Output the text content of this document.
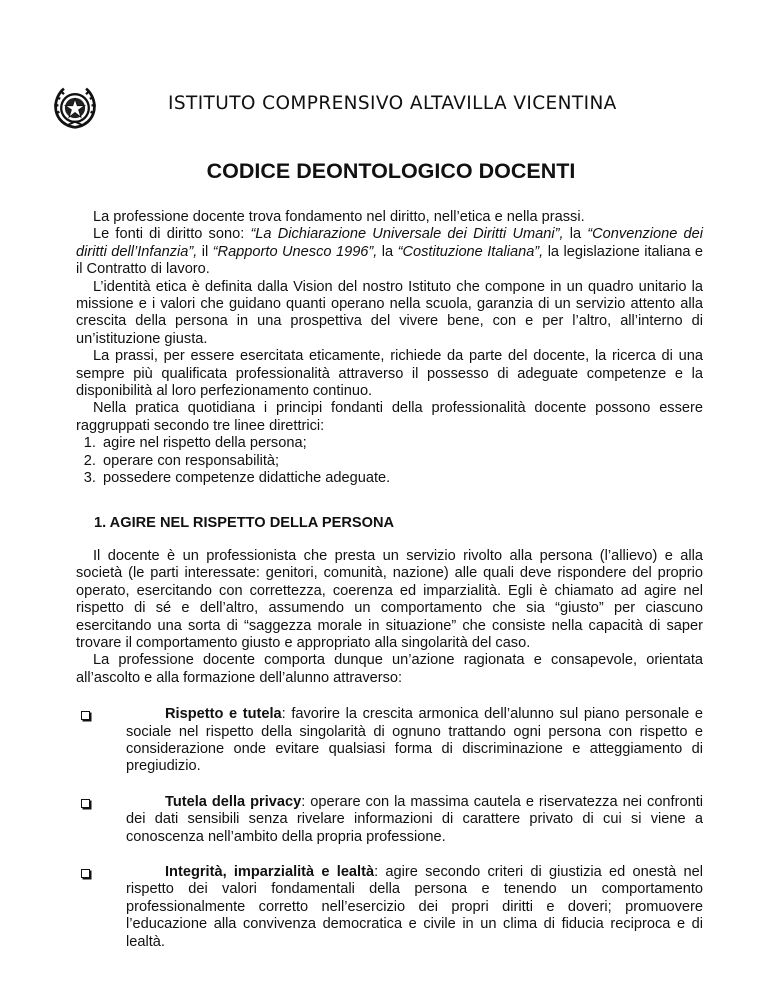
ISTITUTO COMPRENSIVO ALTAVILLA VICENTINA
CODICE DEONTOLOGICO DOCENTI

La professione docente trova fondamento nel diritto, nell’etica e nella prassi.

Le fonti di diritto sono: “La Dichiarazione Universale dei Diritti Umani”, la “Convenzione dei diritti dell’Infanzia”, il “Rapporto Unesco 1996”, la “Costituzione Italiana”, la legislazione italiana e il Contratto di lavoro.

L’identità etica è definita dalla Vision del nostro Istituto che compone in un quadro unitario la missione e i valori che guidano quanti operano nella scuola, garanzia di un servizio attento alla crescita della persona in una prospettiva del vivere bene, con e per l’altro, all’interno di un’istituzione giusta.

La prassi, per essere esercitata eticamente, richiede da parte del docente, la ricerca di una sempre più qualificata professionalità attraverso il possesso di adeguate competenze e la disponibilità al loro perfezionamento continuo.

Nella pratica quotidiana i principi fondanti della professionalità docente possono essere raggruppati secondo tre linee direttrici:

1. agire nel rispetto della persona;
2. operare con responsabilità;
3. possedere competenze didattiche adeguate.
1. AGIRE NEL RISPETTO DELLA PERSONA

Il docente è un professionista che presta un servizio rivolto alla persona (l’allievo) e alla società (le parti interessate: genitori, comunità, nazione) alle quali deve rispondere del proprio operato, esercitando con correttezza, coerenza ed imparzialità. Egli è chiamato ad agire nel rispetto di sé e dell’altro, assumendo un comportamento che sia “giusto” per ciascuno esercitando una sorta di “saggezza morale in situazione” che consiste nella capacità di saper trovare il comportamento giusto e appropriato alla singolarità del caso.

La professione docente comporta dunque un’azione ragionata e consapevole, orientata all’ascolto e alla formazione dell’alunno attraverso:

Rispetto e tutela: favorire la crescita armonica dell’alunno sul piano personale e sociale nel rispetto della singolarità di ognuno trattando ogni persona con rispetto e considerazione onde evitare qualsiasi forma di discriminazione e atteggiamento di pregiudizio.
Tutela della privacy: operare con la massima cautela e riservatezza nei confronti dei dati sensibili senza rivelare informazioni di carattere privato di cui si viene a conoscenza nell’ambito della propria professione.
Integrità, imparzialità e lealtà: agire secondo criteri di giustizia ed onestà nel rispetto dei valori fondamentali della persona e tenendo un comportamento professionalmente corretto nell’esercizio dei propri diritti e doveri; promuovere l’educazione alla convivenza democratica e civile in un clima di fiducia reciproca e di lealtà.
